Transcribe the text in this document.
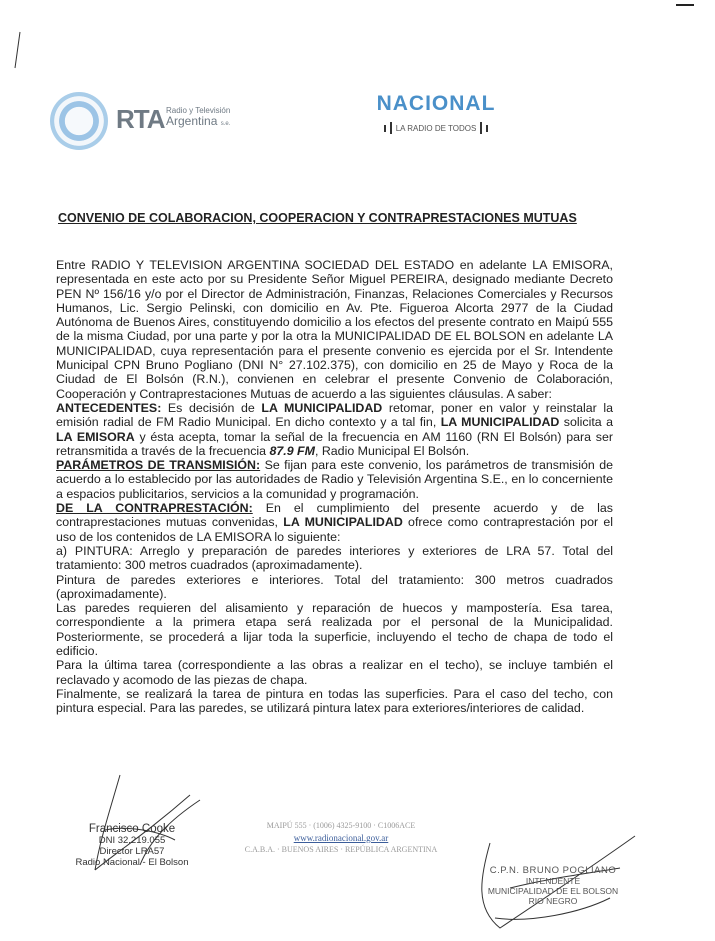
RTA Radio y Televisión
Argentina s.e.
NACIONAL
LA RADIO DE TODOS
CONVENIO DE COLABORACION, COOPERACION Y CONTRAPRESTACIONES MUTUAS

Entre RADIO Y TELEVISION ARGENTINA SOCIEDAD DEL ESTADO en adelante LA EMISORA, representada en este acto por su Presidente Señor Miguel PEREIRA, designado mediante Decreto PEN Nº 156/16 y/o por el Director de Administración, Finanzas, Relaciones Comerciales y Recursos Humanos, Lic. Sergio Pelinski, con domicilio en Av. Pte. Figueroa Alcorta 2977 de la Ciudad Autónoma de Buenos Aires, constituyendo domicilio a los efectos del presente contrato en Maipú 555 de la misma Ciudad, por una parte y por la otra la MUNICIPALIDAD DE EL BOLSON en adelante LA MUNICIPALIDAD, cuya representación para el presente convenio es ejercida por el Sr. Intendente Municipal CPN Bruno Pogliano (DNI N° 27.102.375), con domicilio en 25 de Mayo y Roca de la Ciudad de El Bolsón (R.N.), convienen en celebrar el presente Convenio de Colaboración, Cooperación y Contraprestaciones Mutuas de acuerdo a las siguientes cláusulas. A saber:

ANTECEDENTES: Es decisión de LA MUNICIPALIDAD retomar, poner en valor y reinstalar la emisión radial de FM Radio Municipal. En dicho contexto y a tal fin, LA MUNICIPALIDAD solicita a LA EMISORA y ésta acepta, tomar la señal de la frecuencia en AM 1160 (RN El Bolsón) para ser retransmitida a través de la frecuencia 87.9 FM, Radio Municipal El Bolsón.

PARÁMETROS DE TRANSMISIÓN: Se fijan para este convenio, los parámetros de transmisión de acuerdo a lo establecido por las autoridades de Radio y Televisión Argentina S.E., en lo concerniente a espacios publicitarios, servicios a la comunidad y programación.

DE LA CONTRAPRESTACIÓN: En el cumplimiento del presente acuerdo y de las contraprestaciones mutuas convenidas, LA MUNICIPALIDAD ofrece como contraprestación por el uso de los contenidos de LA EMISORA lo siguiente:

a) PINTURA: Arreglo y preparación de paredes interiores y exteriores de LRA 57. Total del tratamiento: 300 metros cuadrados (aproximadamente).

Pintura de paredes exteriores e interiores. Total del tratamiento: 300 metros cuadrados (aproximadamente).

Las paredes requieren del alisamiento y reparación de huecos y mampostería. Esa tarea, correspondiente a la primera etapa será realizada por el personal de la Municipalidad. Posteriormente, se procederá a lijar toda la superficie, incluyendo el techo de chapa de todo el edificio.

Para la última tarea (correspondiente a las obras a realizar en el techo), se incluye también el reclavado y acomodo de las piezas de chapa.

Finalmente, se realizará la tarea de pintura en todas las superficies. Para el caso del techo, con pintura especial. Para las paredes, se utilizará pintura latex para exteriores/interiores de calidad.

Francisco Cooke
DNI 32.219.055
Director LRA57
Radio Nacional - El Bolson
MAIPÚ 555 · (1006) 4325-9100 · C1006ACE
www.radionacional.gov.ar
C.A.B.A. · BUENOS AIRES · REPÚBLICA ARGENTINA
C.P.N. BRUNO POGLIANO
INTENDENTE
MUNICIPALIDAD DE EL BOLSON
RIO NEGRO
